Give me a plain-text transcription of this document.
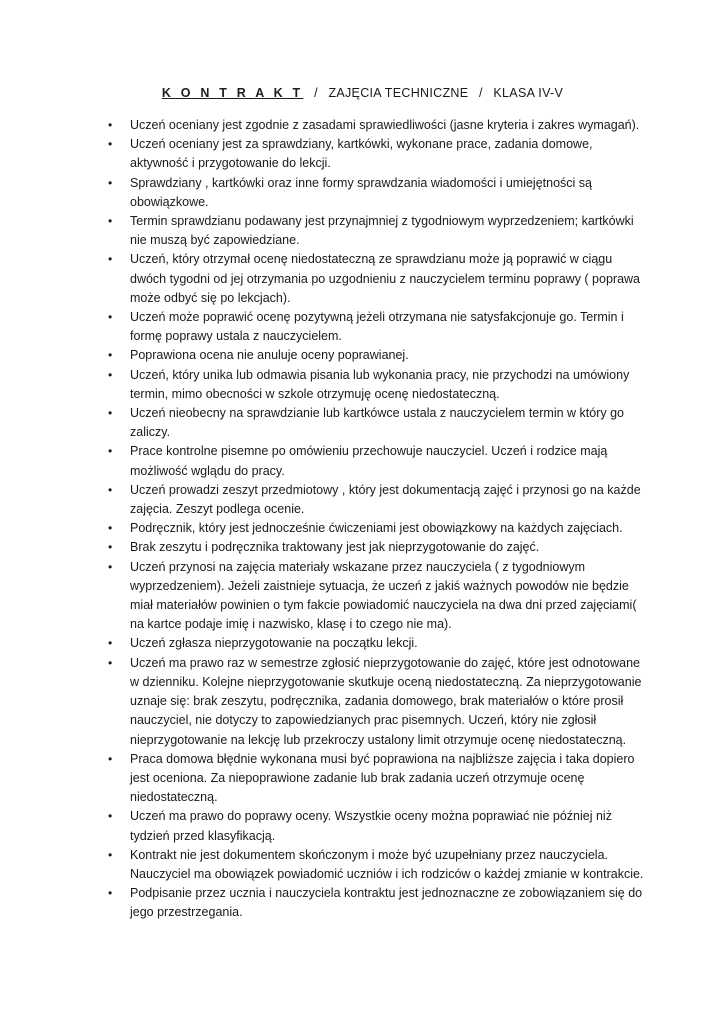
K O N T R A K T / ZAJĘCIA TECHNICZNE / KLASA IV-V
•	Uczeń oceniany jest zgodnie z zasadami sprawiedliwości (jasne kryteria i zakres wymagań).
•	Uczeń oceniany jest za sprawdziany, kartkówki, wykonane prace, zadania domowe, aktywność i przygotowanie do lekcji.
•	Sprawdziany , kartkówki oraz inne formy sprawdzania wiadomości i umiejętności są obowiązkowe.
•	Termin sprawdzianu podawany jest przynajmniej z tygodniowym wyprzedzeniem; kartkówki nie muszą być zapowiedziane.
•	Uczeń, który otrzymał ocenę niedostateczną ze sprawdzianu może ją poprawić w ciągu dwóch tygodni od jej otrzymania po uzgodnieniu z nauczycielem terminu poprawy ( poprawa może odbyć się po lekcjach).
•	Uczeń może poprawić ocenę pozytywną jeżeli otrzymana nie satysfakcjonuje go. Termin i formę poprawy ustala z nauczycielem.
•	Poprawiona ocena nie anuluje oceny poprawianej.
•	Uczeń, który unika lub odmawia pisania lub wykonania pracy, nie przychodzi na umówiony termin, mimo obecności w szkole otrzymuję ocenę niedostateczną.
•	Uczeń nieobecny na sprawdzianie lub kartkówce ustala z nauczycielem termin w który go zaliczy.
•	Prace kontrolne pisemne po omówieniu przechowuje nauczyciel. Uczeń i rodzice mają możliwość wglądu do pracy.
•	Uczeń prowadzi zeszyt przedmiotowy , który jest dokumentacją zajęć i przynosi go na każde zajęcia. Zeszyt podlega ocenie.
•	Podręcznik, który jest jednocześnie ćwiczeniami jest obowiązkowy na każdych zajęciach.
•	Brak zeszytu i podręcznika traktowany jest jak nieprzygotowanie do zajęć.
•	Uczeń przynosi na zajęcia materiały wskazane przez nauczyciela ( z tygodniowym wyprzedzeniem). Jeżeli zaistnieje sytuacja, że uczeń z jakiś ważnych powodów nie będzie miał materiałów powinien o tym fakcie powiadomić nauczyciela na dwa dni przed zajęciami( na kartce podaje imię i nazwisko, klasę i to czego nie ma).
•	Uczeń zgłasza nieprzygotowanie na początku lekcji.
•	Uczeń ma prawo raz w semestrze zgłosić nieprzygotowanie do zajęć, które jest odnotowane w dzienniku. Kolejne nieprzygotowanie skutkuje oceną niedostateczną. Za nieprzygotowanie uznaje się: brak zeszytu, podręcznika, zadania domowego, brak materiałów o które prosił nauczyciel, nie dotyczy to zapowiedzianych prac pisemnych. Uczeń, który nie zgłosił nieprzygotowanie na lekcję lub przekroczy ustalony limit otrzymuje ocenę niedostateczną.
•	Praca domowa błędnie wykonana musi być poprawiona na najbliższe zajęcia i taka dopiero jest oceniona. Za niepoprawione zadanie lub brak zadania uczeń otrzymuje ocenę niedostateczną.
•	Uczeń ma prawo do poprawy oceny. Wszystkie oceny można poprawiać nie później niż tydzień przed klasyfikacją.
•	Kontrakt nie jest dokumentem skończonym i może być uzupełniany przez nauczyciela. Nauczyciel ma obowiązek powiadomić uczniów i ich rodziców o każdej zmianie w kontrakcie.
•	Podpisanie przez ucznia i nauczyciela kontraktu jest jednoznaczne ze zobowiązaniem się do jego przestrzegania.
